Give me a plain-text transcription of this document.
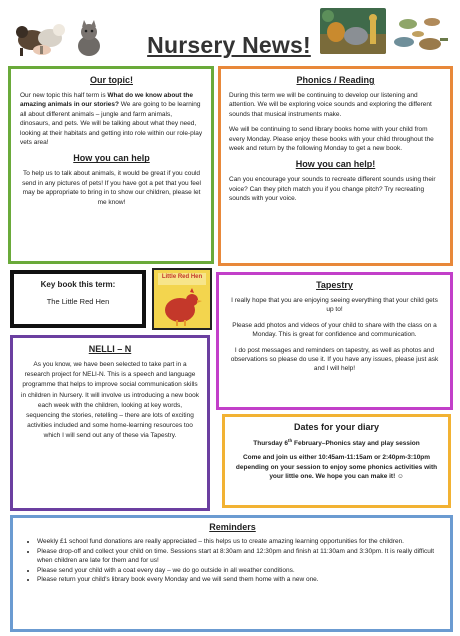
Nursery News!
Our topic!
Our new topic this half term is What do we know about the amazing animals in our stories? We are going to be learning all about different animals – jungle and farm animals, dinosaurs, and pets. We will be talking about what they need, looking at their habitats and getting into role within our role-play vets area!
How you can help
To help us to talk about animals, it would be great if you could send in any pictures of pets! If you have got a pet that you feel may be appropriate to bring in to show our children, please let me know!
Phonics / Reading
During this term we will be continuing to develop our listening and attention. We will be exploring voice sounds and exploring the different sounds that musical instruments make.
We will be continuing to send library books home with your child from every Monday. Please enjoy these books with your child throughout the week and return by the following Monday to get a new book.
How you can help!
Can you encourage your sounds to recreate different sounds using their voice? Can they pitch match you if you change pitch? Try recreating sounds with your voice.
Key book this term:
The Little Red Hen
Little Red Hen
NELLI – N
As you know, we have been selected to take part in a research project for NELI-N. This is a speech and language programme that helps to improve social communication skills in children in Nursery. It will involve us introducing a new book each week with the children, looking at key words, sequencing the stories, retelling – there are lots of exciting activities included and some home-learning resources too which I will send out any of these via Tapestry.
Tapestry
I really hope that you are enjoying seeing everything that your child gets up to!
Please add photos and videos of your child to share with the class on a Monday. This is great for confidence and communication.
I do post messages and reminders on tapestry, as well as photos and observations so please do use it. If you have any issues, please just ask and I will help!
Dates for your diary
Thursday 6th February–Phonics stay and play session
Come and join us either 10:45am-11:15am or 2:40pm-3:10pm depending on your session to enjoy some phonics activities with your little one. We hope you can make it! ☺
Reminders
• Weekly £1 school fund donations are really appreciated – this helps us to create amazing learning opportunities for the children.
• Please drop-off and collect your child on time. Sessions start at 8:30am and 12:30pm and finish at 11:30am and 3:30pm. It is really difficult when children are late for them and for us!
• Please send your child with a coat every day – we do go outside in all weather conditions.
• Please return your child's library book every Monday and we will send them home with a new one.
